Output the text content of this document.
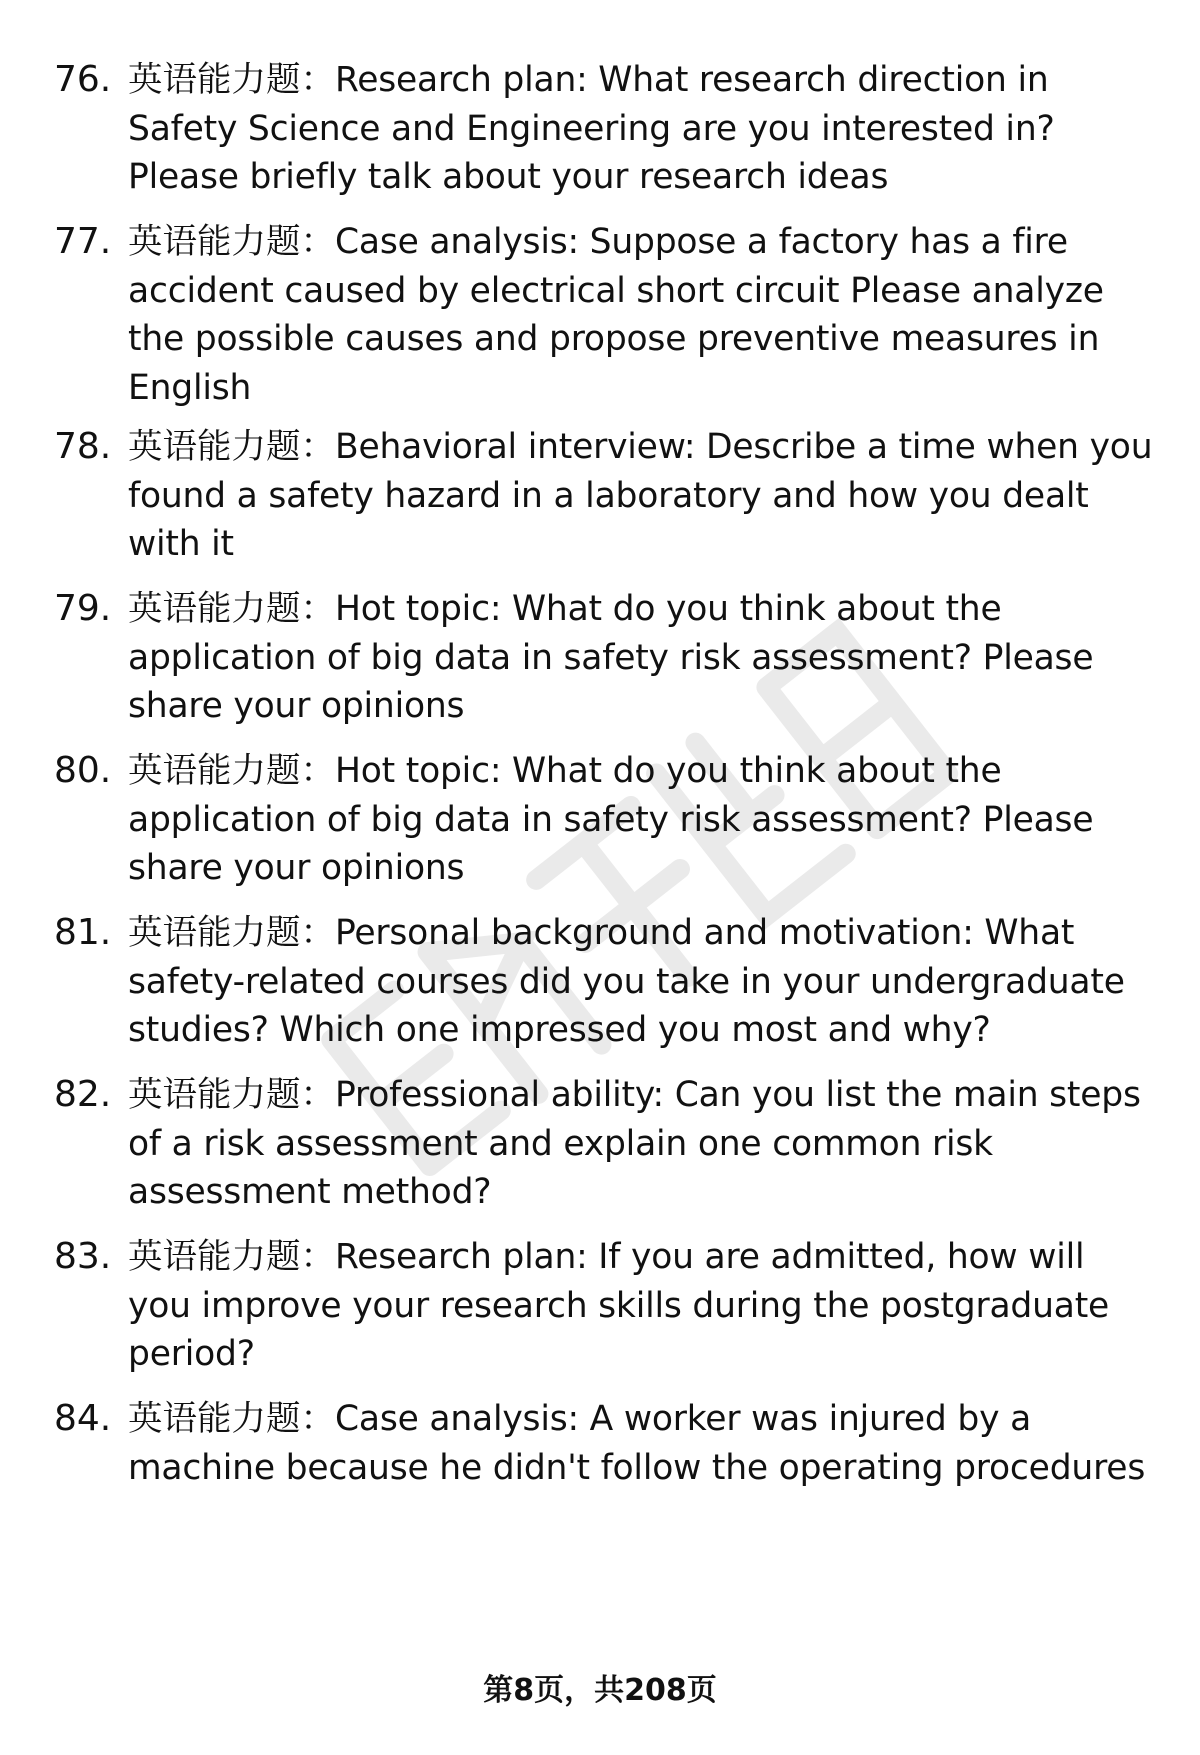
76. 英语能力题：Research plan: What research direction in Safety Science and Engineering are you interested in? Please briefly talk about your research ideas
77. 英语能力题：Case analysis: Suppose a factory has a fire accident caused by electrical short circuit Please analyze the possible causes and propose preventive measures in English
78. 英语能力题：Behavioral interview: Describe a time when you found a safety hazard in a laboratory and how you dealt with it
79. 英语能力题：Hot topic: What do you think about the application of big data in safety risk assessment? Please share your opinions
80. 英语能力题：Hot topic: What do you think about the application of big data in safety risk assessment? Please share your opinions
81. 英语能力题：Personal background and motivation: What safety-related courses did you take in your undergraduate studies? Which one impressed you most and why?
82. 英语能力题：Professional ability: Can you list the main steps of a risk assessment and explain one common risk assessment method?
83. 英语能力题：Research plan: If you are admitted, how will you improve your research skills during the postgraduate period?
84. 英语能力题：Case analysis: A worker was injured by a machine because he didn't follow the operating procedures
第8页，共208页
